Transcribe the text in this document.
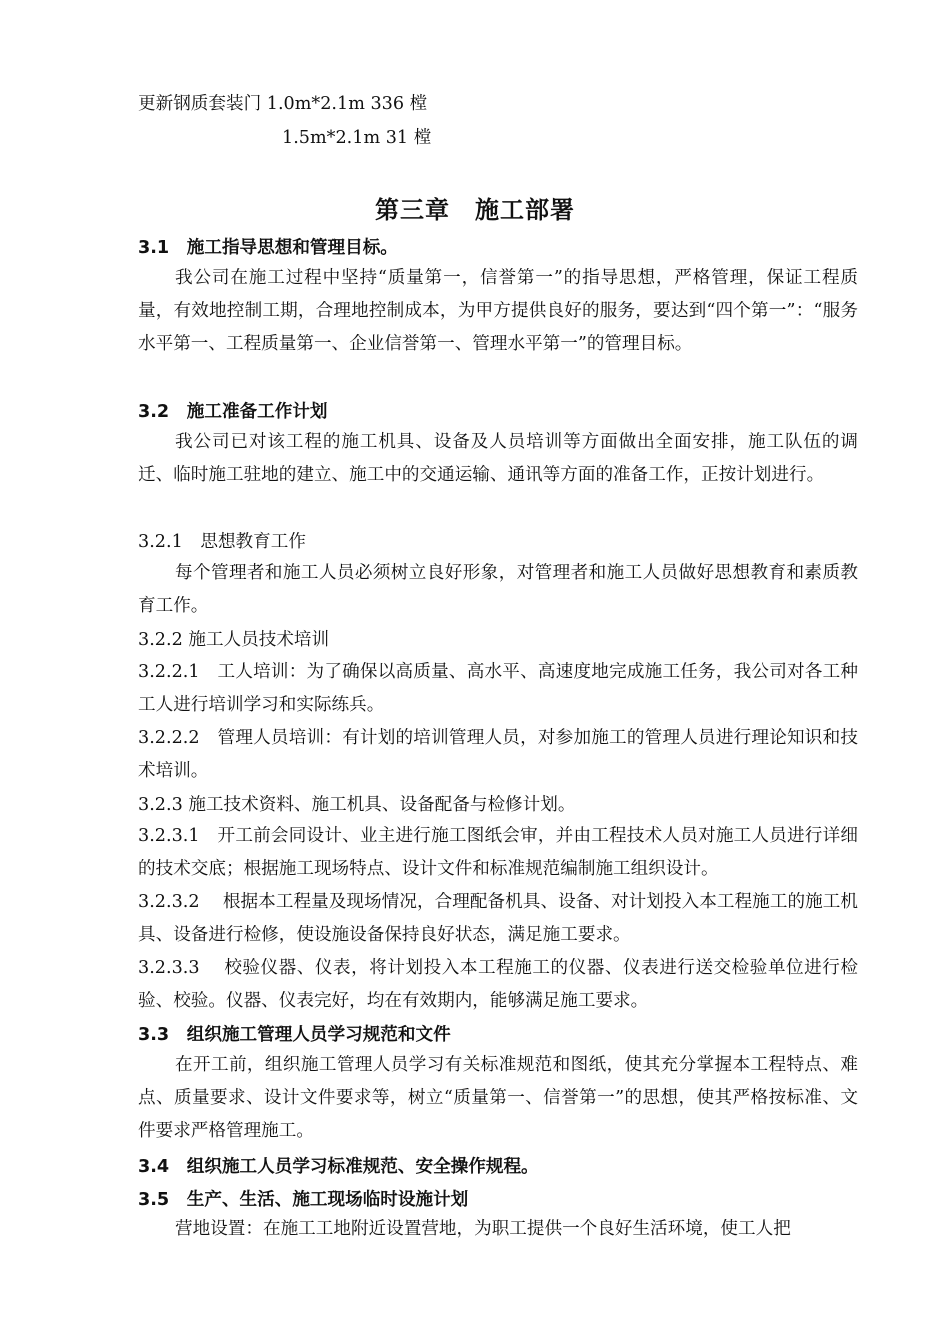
更新钢质套装门 1.0m*2.1m 336 樘
1.5m*2.1m 31 樘
第三章　施工部署
3.1　施工指导思想和管理目标。
我公司在施工过程中坚持“质量第一，信誉第一”的指导思想，严格管理，保证工程质量，有效地控制工期，合理地控制成本，为甲方提供良好的服务，要达到“四个第一”：“服务水平第一、工程质量第一、企业信誉第一、管理水平第一”的管理目标。
3.2　施工准备工作计划
我公司已对该工程的施工机具、设备及人员培训等方面做出全面安排，施工队伍的调迁、临时施工驻地的建立、施工中的交通运输、通讯等方面的准备工作，正按计划进行。
3.2.1　思想教育工作
每个管理者和施工人员必须树立良好形象，对管理者和施工人员做好思想教育和素质教育工作。
3.2.2 施工人员技术培训
3.2.2.1　工人培训：为了确保以高质量、高水平、高速度地完成施工任务，我公司对各工种工人进行培训学习和实际练兵。
3.2.2.2　管理人员培训：有计划的培训管理人员，对参加施工的管理人员进行理论知识和技术培训。
3.2.3 施工技术资料、施工机具、设备配备与检修计划。
3.2.3.1　开工前会同设计、业主进行施工图纸会审，并由工程技术人员对施工人员进行详细的技术交底；根据施工现场特点、设计文件和标准规范编制施工组织设计。
3.2.3.2　 根据本工程量及现场情况，合理配备机具、设备、对计划投入本工程施工的施工机具、设备进行检修，使设施设备保持良好状态，满足施工要求。
3.2.3.3　 校验仪器、仪表，将计划投入本工程施工的仪器、仪表进行送交检验单位进行检验、校验。仪器、仪表完好，均在有效期内，能够满足施工要求。
3.3　组织施工管理人员学习规范和文件
在开工前，组织施工管理人员学习有关标准规范和图纸，使其充分掌握本工程特点、难点、质量要求、设计文件要求等，树立“质量第一、信誉第一”的思想，使其严格按标准、文件要求严格管理施工。
3.4　组织施工人员学习标准规范、安全操作规程。
3.5　生产、生活、施工现场临时设施计划
营地设置：在施工工地附近设置营地，为职工提供一个良好生活环境，使工人把
